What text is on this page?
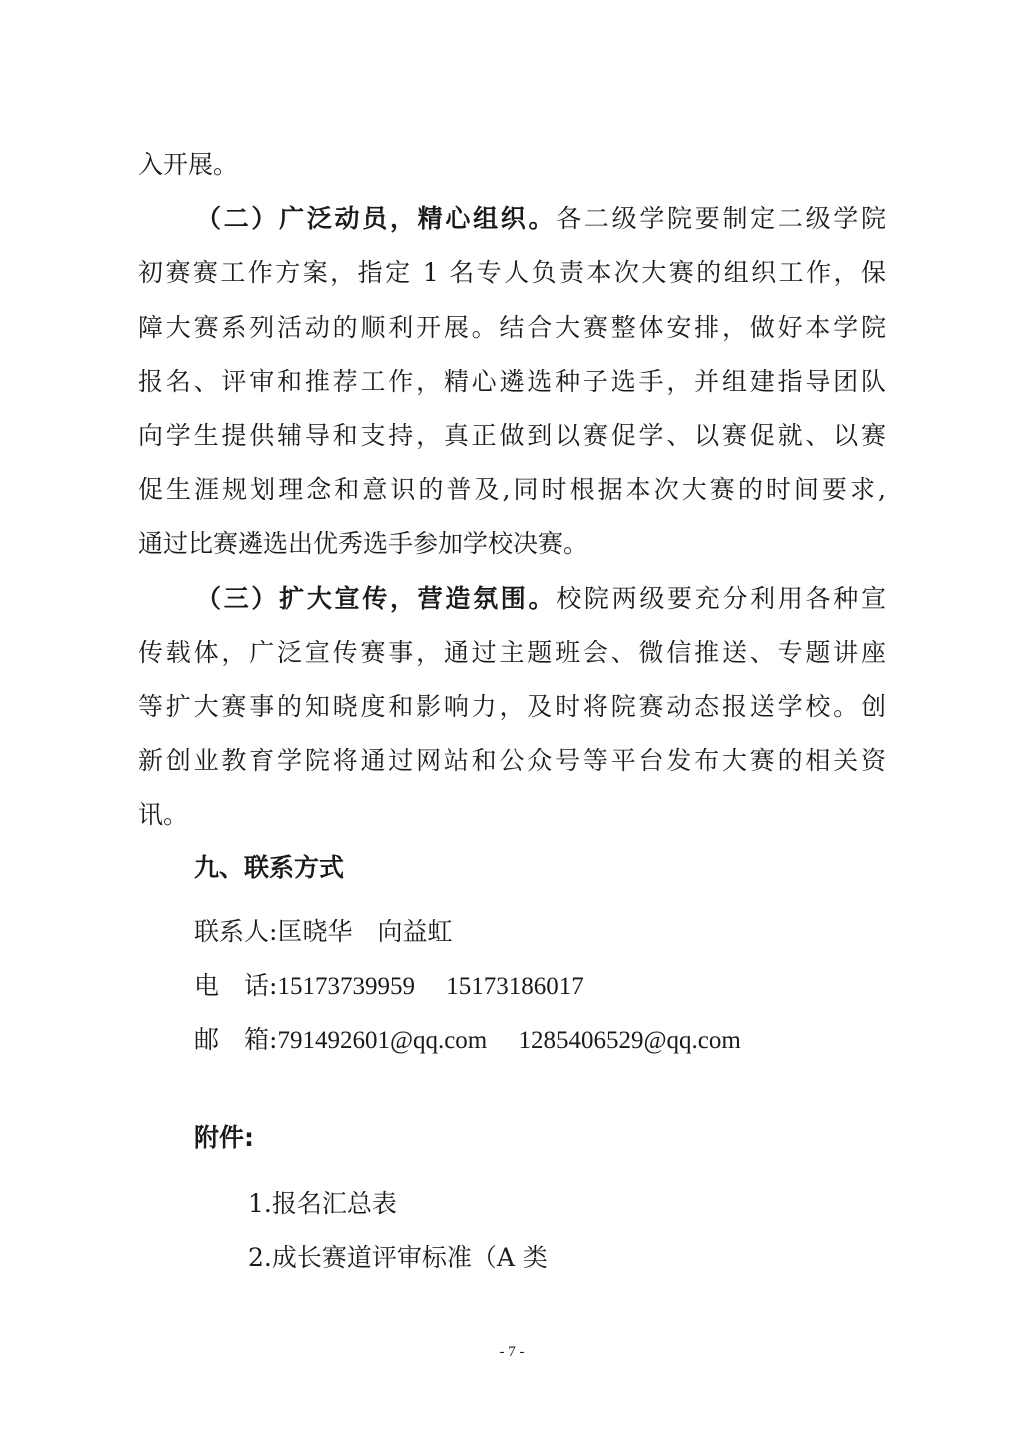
入开展。
（二）广泛动员，精心组织。各二级学院要制定二级学院
初赛赛工作方案，指定 1 名专人负责本次大赛的组织工作，保
障大赛系列活动的顺利开展。结合大赛整体安排，做好本学院
报名、评审和推荐工作，精心遴选种子选手，并组建指导团队
向学生提供辅导和支持，真正做到以赛促学、以赛促就、以赛
促生涯规划理念和意识的普及,同时根据本次大赛的时间要求,
通过比赛遴选出优秀选手参加学校决赛。
（三）扩大宣传，营造氛围。校院两级要充分利用各种宣
传载体，广泛宣传赛事，通过主题班会、微信推送、专题讲座
等扩大赛事的知晓度和影响力，及时将院赛动态报送学校。创
新创业教育学院将通过网站和公众号等平台发布大赛的相关资
讯。
九、联系方式
联系人:匡晓华　向益虹
电　话:15173739959　 15173186017
邮　箱:791492601@qq.com　 1285406529@qq.com
附件:
1.报名汇总表
2.成长赛道评审标准（A 类
- 7 -
